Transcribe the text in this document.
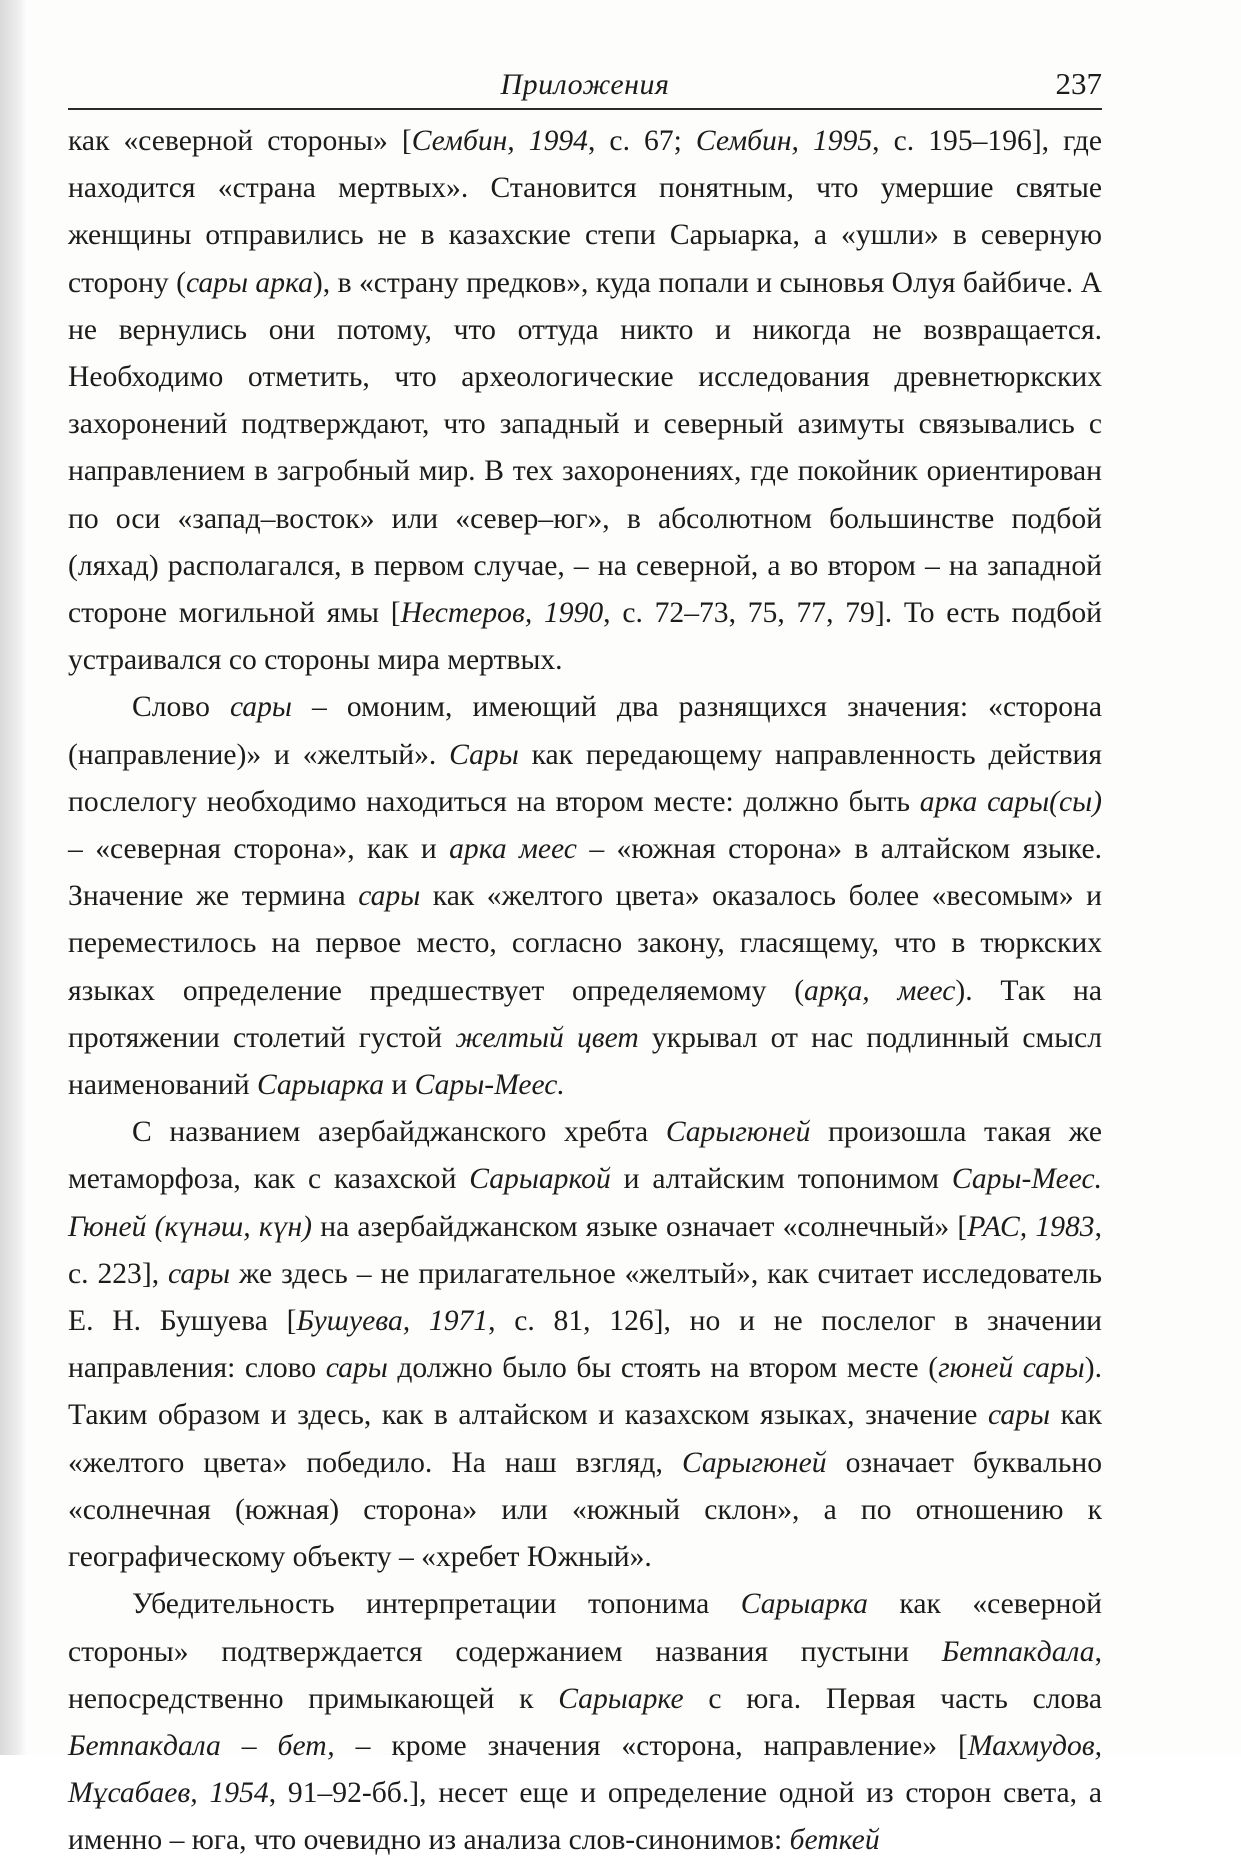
Приложения	237

как «северной стороны» [Сембин, 1994, с. 67; Сембин, 1995, с. 195–196], где находится «страна мертвых». Становится понятным, что умершие святые женщины отправились не в казахские степи Сарыарка, а «ушли» в северную сторону (сары арка), в «страну предков», куда попали и сыновья Олуя байбиче. А не вернулись они потому, что оттуда никто и никогда не возвращается. Необходимо отметить, что археологические исследования древнетюркских захоронений подтверждают, что западный и северный азимуты связывались с направлением в загробный мир. В тех захоронениях, где покойник ориентирован по оси «запад–восток» или «север–юг», в абсолютном большинстве подбой (ляхад) располагался, в первом случае, – на северной, а во втором – на западной стороне могильной ямы [Нестеров, 1990, с. 72–73, 75, 77, 79]. То есть подбой устраивался со стороны мира мертвых.

Слово сары – омоним, имеющий два разнящихся значения: «сторона (направление)» и «желтый». Сары как передающему направленность действия послелогу необходимо находиться на втором месте: должно быть арка сары(сы) – «северная сторона», как и арка меес – «южная сторона» в алтайском языке. Значение же термина сары как «желтого цвета» оказалось более «весомым» и переместилось на первое место, согласно закону, гласящему, что в тюркских языках определение предшествует определяемому (арқа, меес). Так на протяжении столетий густой желтый цвет укрывал от нас подлинный смысл наименований Сарыарка и Сары-Меес.

С названием азербайджанского хребта Сарыгюней произошла такая же метаморфоза, как с казахской Сарыаркой и алтайским топонимом Сары-Меес. Гюней (күнәш, күн) на азербайджанском языке означает «солнечный» [РАС, 1983, с. 223], сары же здесь – не прилагательное «желтый», как считает исследователь Е. Н. Бушуева [Бушуева, 1971, с. 81, 126], но и не послелог в значении направления: слово сары должно было бы стоять на втором месте (гюней сары). Таким образом и здесь, как в алтайском и казахском языках, значение сары как «желтого цвета» победило. На наш взгляд, Сарыгюней означает буквально «солнечная (южная) сторона» или «южный склон», а по отношению к географическому объекту – «хребет Южный».

Убедительность интерпретации топонима Сарыарка как «северной стороны» подтверждается содержанием названия пустыни Бетпакдала, непосредственно примыкающей к Сарыарке с юга. Первая часть слова Бетпакдала – бет, – кроме значения «сторона, направление» [Махмудов, Мұсабаев, 1954, 91–92-бб.], несет еще и определение одной из сторон света, а именно – юга, что очевидно из анализа слов-синонимов: беткей
